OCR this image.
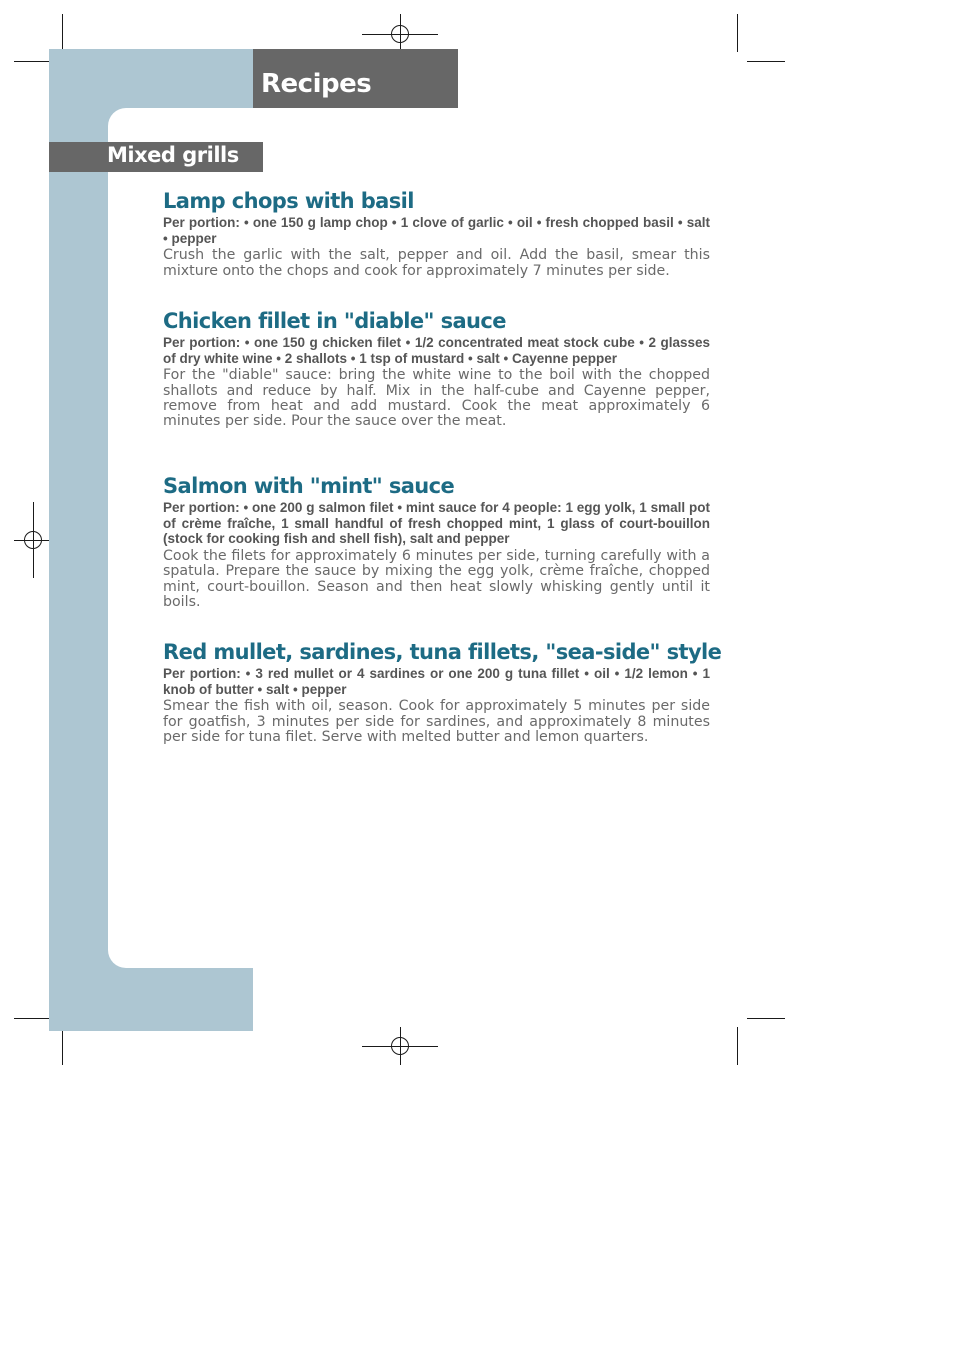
Recipes
Mixed grills
Lamp chops with basil

Per portion: • one 150 g lamp chop • 1 clove of garlic • oil • fresh chopped basil • salt • pepper

Crush the garlic with the salt, pepper and oil. Add the basil, smear this mixture onto the chops and cook for approximately 7 minutes per side.

Chicken fillet in "diable" sauce

Per portion: • one 150 g chicken filet • 1/2 concentrated meat stock cube • 2 glasses of dry white wine • 2 shallots • 1 tsp of mustard • salt • Cayenne pepper

For the "diable" sauce: bring the white wine to the boil with the chopped shallots and reduce by half. Mix in the half-cube and Cayenne pepper, remove from heat and add mustard. Cook the meat approximately 6 minutes per side. Pour the sauce over the meat.

Salmon with "mint" sauce

Per portion: • one 200 g salmon filet • mint sauce for 4 people: 1 egg yolk, 1 small pot of crème fraîche, 1 small handful of fresh chopped mint, 1 glass of court-bouillon (stock for cooking fish and shell fish), salt and pepper

Cook the filets for approximately 6 minutes per side, turning carefully with a spatula. Prepare the sauce by mixing the egg yolk, crème fraîche, chopped mint, court-bouillon. Season and then heat slowly whisking gently until it boils.

Red mullet, sardines, tuna fillets, "sea-side" style

Per portion: • 3 red mullet or 4 sardines or one 200 g tuna fillet • oil • 1/2 lemon • 1 knob of butter • salt • pepper

Smear the fish with oil, season. Cook for approximately 5 minutes per side for goatfish, 3 minutes per side for sardines, and approximately 8 minutes per side for tuna filet. Serve with melted butter and lemon quarters.
